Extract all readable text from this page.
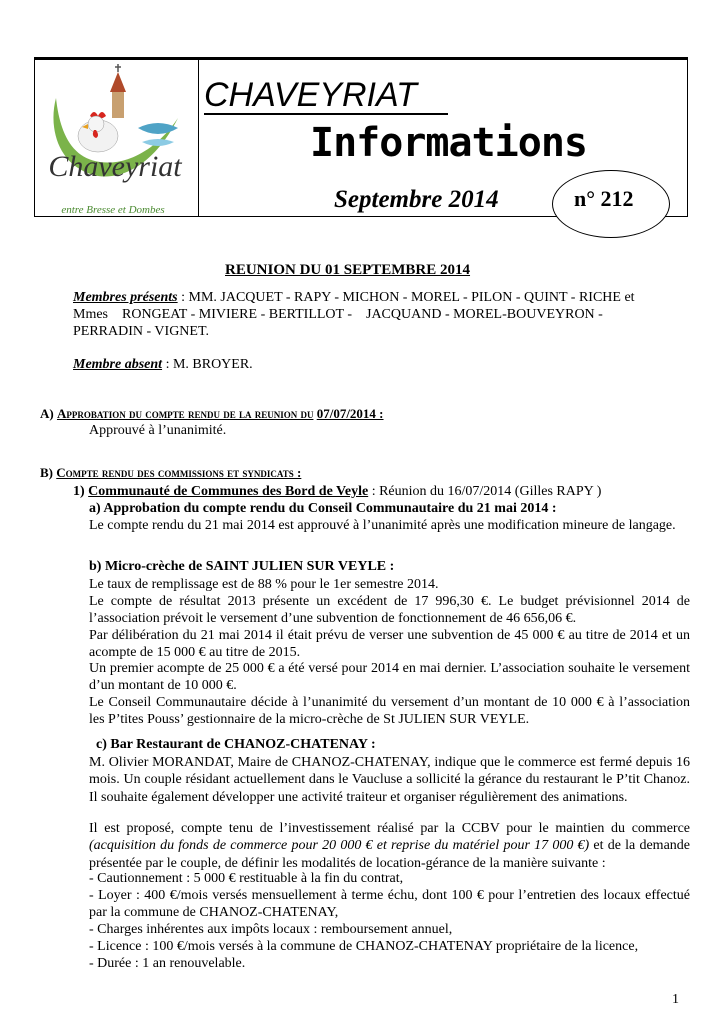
Chaveyriat
entre Bresse et Dombes
CHAVEYRIAT
Informations
Septembre 2014	n° 212
REUNION DU 01 SEPTEMBRE 2014
Membres présents : MM. JACQUET - RAPY - MICHON - MOREL - PILON - QUINT - RICHE et
Mmes    RONGEAT - MIVIERE - BERTILLOT -    JACQUAND - MOREL-BOUVEYRON -
PERRADIN - VIGNET.
Membre absent : M. BROYER.
A) Approbation du compte rendu de la reunion du 07/07/2014 :
Approuvé à l’unanimité.
B) Compte rendu des commissions et syndicats :
1) Communauté de Communes des Bord de Veyle : Réunion du 16/07/2014 (Gilles RAPY )
a) Approbation du compte rendu du Conseil Communautaire du 21 mai 2014 :
Le compte rendu du 21 mai 2014 est approuvé à l’unanimité après une modification mineure de langage.
b) Micro-crèche de SAINT JULIEN SUR VEYLE :
Le taux de remplissage est de 88 % pour le 1er semestre 2014.
Le compte de résultat 2013 présente un excédent de 17 996,30 €. Le budget prévisionnel 2014 de l’association prévoit le versement d’une subvention de fonctionnement de 46 656,06 €.
Par délibération du 21 mai 2014 il était prévu de verser une subvention de 45 000 € au titre de 2014 et un acompte de 15 000 € au titre de 2015.
Un premier acompte de 25 000 € a été versé pour 2014 en mai dernier. L’association souhaite le versement d’un montant de 10 000 €.
Le Conseil Communautaire décide à l’unanimité du versement d’un montant de 10 000 € à l’association les P’tites Pouss’ gestionnaire de la micro-crèche de St JULIEN SUR VEYLE.
c) Bar Restaurant de CHANOZ-CHATENAY :
M. Olivier MORANDAT, Maire de CHANOZ-CHATENAY, indique que le commerce est fermé depuis 16 mois. Un couple résidant actuellement dans le Vaucluse a sollicité la gérance du restaurant le P’tit Chanoz. Il souhaite également développer une activité traiteur et organiser régulièrement des animations.
Il est proposé, compte tenu de l’investissement réalisé par la CCBV pour le maintien du commerce (acquisition du fonds de commerce pour 20 000 € et reprise du matériel pour 17 000 €) et de la demande présentée par le couple, de définir les modalités de location-gérance de la manière suivante :
- Cautionnement : 5 000 € restituable à la fin du contrat,
- Loyer : 400 €/mois versés mensuellement à terme échu, dont 100 € pour l’entretien des locaux effectué par la commune de CHANOZ-CHATENAY,
- Charges inhérentes aux impôts locaux : remboursement annuel,
- Licence : 100 €/mois versés à la commune de CHANOZ-CHATENAY propriétaire de la licence,
- Durée : 1 an renouvelable.
1
